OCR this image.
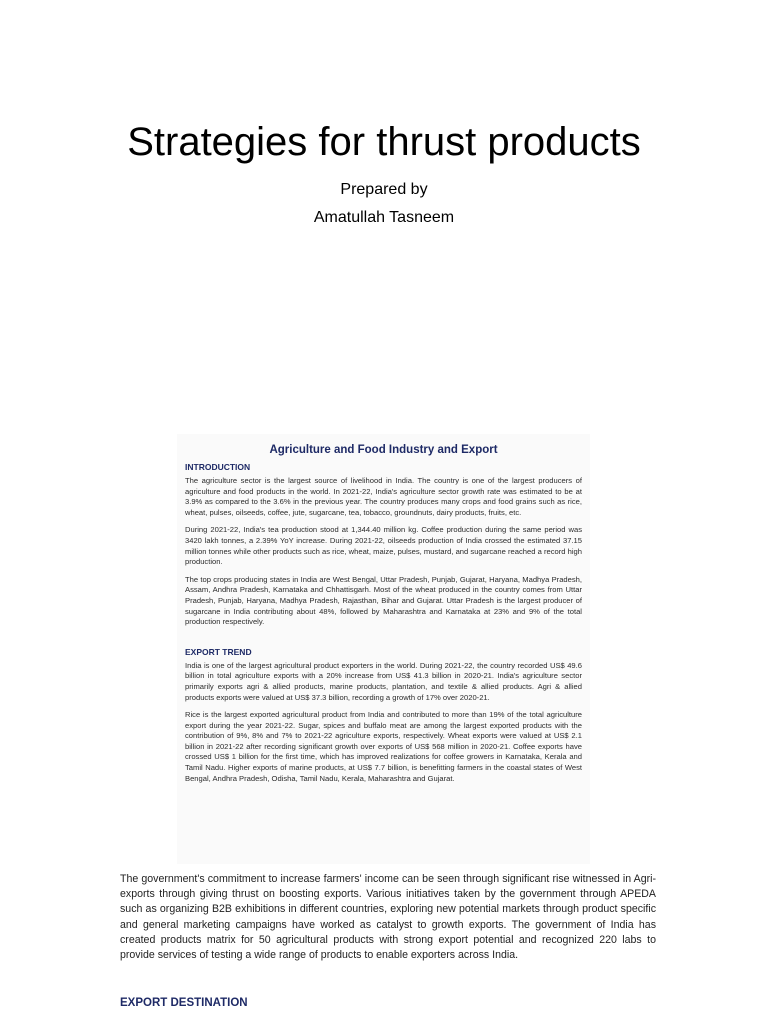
Strategies for thrust products
Prepared by
Amatullah Tasneem
Agriculture and Food Industry and Export
INTRODUCTION

The agriculture sector is the largest source of livelihood in India. The country is one of the largest producers of agriculture and food products in the world. In 2021-22, India's agriculture sector growth rate was estimated to be at 3.9% as compared to the 3.6% in the previous year. The country produces many crops and food grains such as rice, wheat, pulses, oilseeds, coffee, jute, sugarcane, tea, tobacco, groundnuts, dairy products, fruits, etc.

During 2021-22, India's tea production stood at 1,344.40 million kg. Coffee production during the same period was 3420 lakh tonnes, a 2.39% YoY increase. During 2021-22, oilseeds production of India crossed the estimated 37.15 million tonnes while other products such as rice, wheat, maize, pulses, mustard, and sugarcane reached a record high production.

The top crops producing states in India are West Bengal, Uttar Pradesh, Punjab, Gujarat, Haryana, Madhya Pradesh, Assam, Andhra Pradesh, Karnataka and Chhattisgarh. Most of the wheat produced in the country comes from Uttar Pradesh, Punjab, Haryana, Madhya Pradesh, Rajasthan, Bihar and Gujarat. Uttar Pradesh is the largest producer of sugarcane in India contributing about 48%, followed by Maharashtra and Karnataka at 23% and 9% of the total production respectively.

EXPORT TREND

India is one of the largest agricultural product exporters in the world. During 2021-22, the country recorded US$ 49.6 billion in total agriculture exports with a 20% increase from US$ 41.3 billion in 2020-21. India's agriculture sector primarily exports agri & allied products, marine products, plantation, and textile & allied products. Agri & allied products exports were valued at US$ 37.3 billion, recording a growth of 17% over 2020-21.

Rice is the largest exported agricultural product from India and contributed to more than 19% of the total agriculture export during the year 2021-22. Sugar, spices and buffalo meat are among the largest exported products with the contribution of 9%, 8% and 7% to 2021-22 agriculture exports, respectively. Wheat exports were valued at US$ 2.1 billion in 2021-22 after recording significant growth over exports of US$ 568 million in 2020-21. Coffee exports have crossed US$ 1 billion for the first time, which has improved realizations for coffee growers in Karnataka, Kerala and Tamil Nadu. Higher exports of marine products, at US$ 7.7 billion, is benefitting farmers in the coastal states of West Bengal, Andhra Pradesh, Odisha, Tamil Nadu, Kerala, Maharashtra and Gujarat.

The government's commitment to increase farmers' income can be seen through significant rise witnessed in Agri-exports through giving thrust on boosting exports. Various initiatives taken by the government through APEDA such as organizing B2B exhibitions in different countries, exploring new potential markets through product specific and general marketing campaigns have worked as catalyst to growth exports. The government of India has created products matrix for 50 agricultural products with strong export potential and recognized 220 labs to provide services of testing a wide range of products to enable exporters across India.

EXPORT DESTINATION
